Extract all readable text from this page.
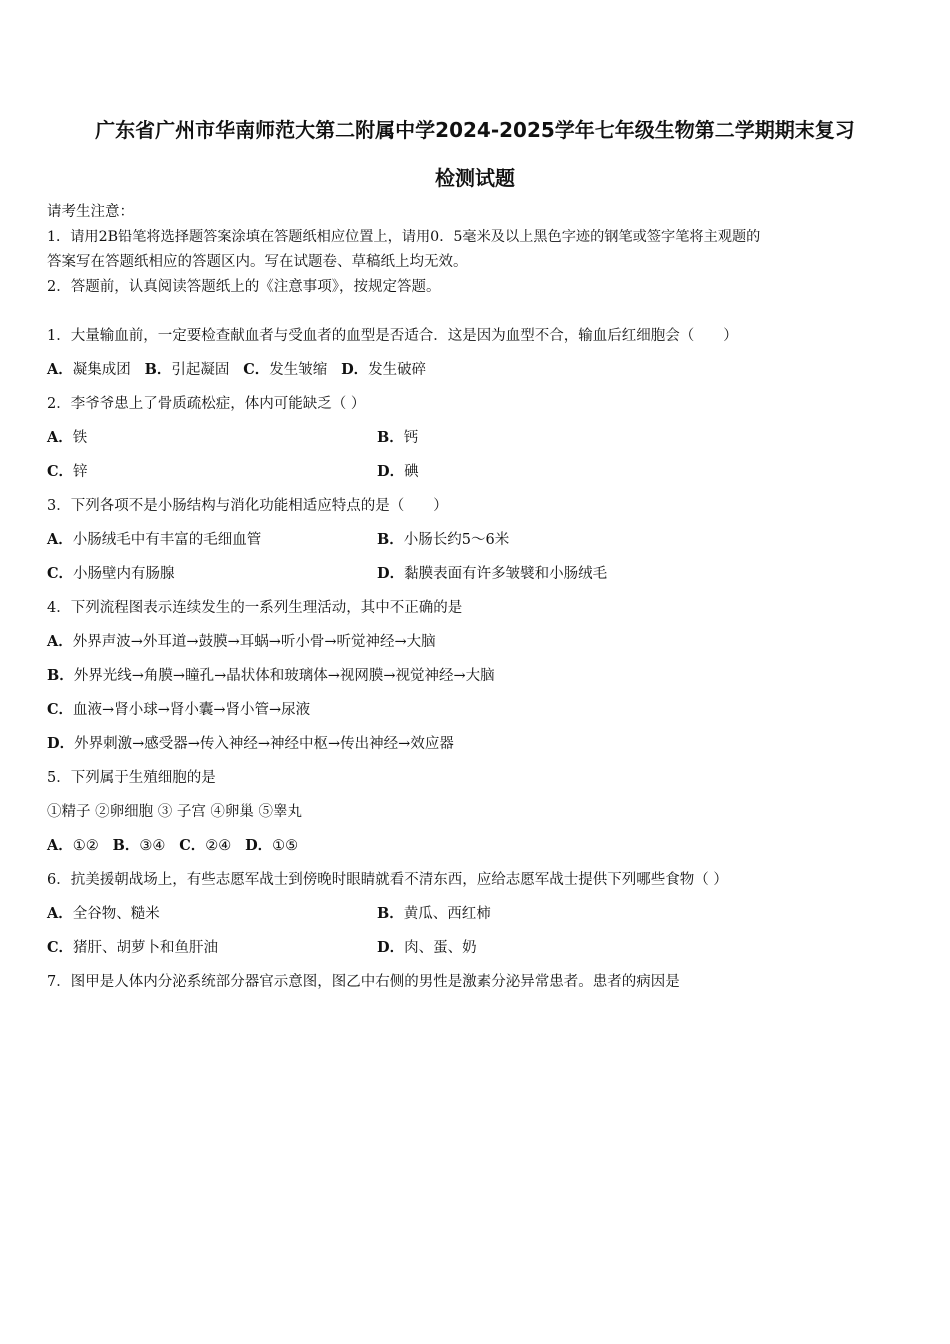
广东省广州市华南师范大第二附属中学2024-2025学年七年级生物第二学期期末复习
检测试题
请考生注意：
1．请用2B铅笔将选择题答案涂填在答题纸相应位置上，请用0．5毫米及以上黑色字迹的钢笔或签字笔将主观题的
答案写在答题纸相应的答题区内。写在试题卷、草稿纸上均无效。
2．答题前，认真阅读答题纸上的《注意事项》，按规定答题。
1．大量输血前，一定要检查献血者与受血者的血型是否适合．这是因为血型不合，输血后红细胞会（　　）
A．凝集成团 B．引起凝固 C．发生皱缩 D．发生破碎
2．李爷爷患上了骨质疏松症，体内可能缺乏（ ）
A．铁	B．钙
C．锌	D．碘
3．下列各项不是小肠结构与消化功能相适应特点的是（　　）
A．小肠绒毛中有丰富的毛细血管	B．小肠长约5～6米
C．小肠壁内有肠腺	D．黏膜表面有许多皱襞和小肠绒毛
4．下列流程图表示连续发生的一系列生理活动，其中不正确的是
A．外界声波→外耳道→鼓膜→耳蜗→听小骨→听觉神经→大脑
B．外界光线→角膜→瞳孔→晶状体和玻璃体→视网膜→视觉神经→大脑
C．血液→肾小球→肾小囊→肾小管→尿液
D．外界刺激→感受器→传入神经→神经中枢→传出神经→效应器
5．下列属于生殖细胞的是
①精子 ②卵细胞 ③ 子宫 ④卵巢 ⑤睾丸
A．①② B．③④ C．②④ D．①⑤
6．抗美援朝战场上，有些志愿军战士到傍晚时眼睛就看不清东西，应给志愿军战士提供下列哪些食物（ ）
A．全谷物、糙米	B．黄瓜、西红柿
C．猪肝、胡萝卜和鱼肝油	D．肉、蛋、奶
7．图甲是人体内分泌系统部分器官示意图，图乙中右侧的男性是激素分泌异常患者。患者的病因是
